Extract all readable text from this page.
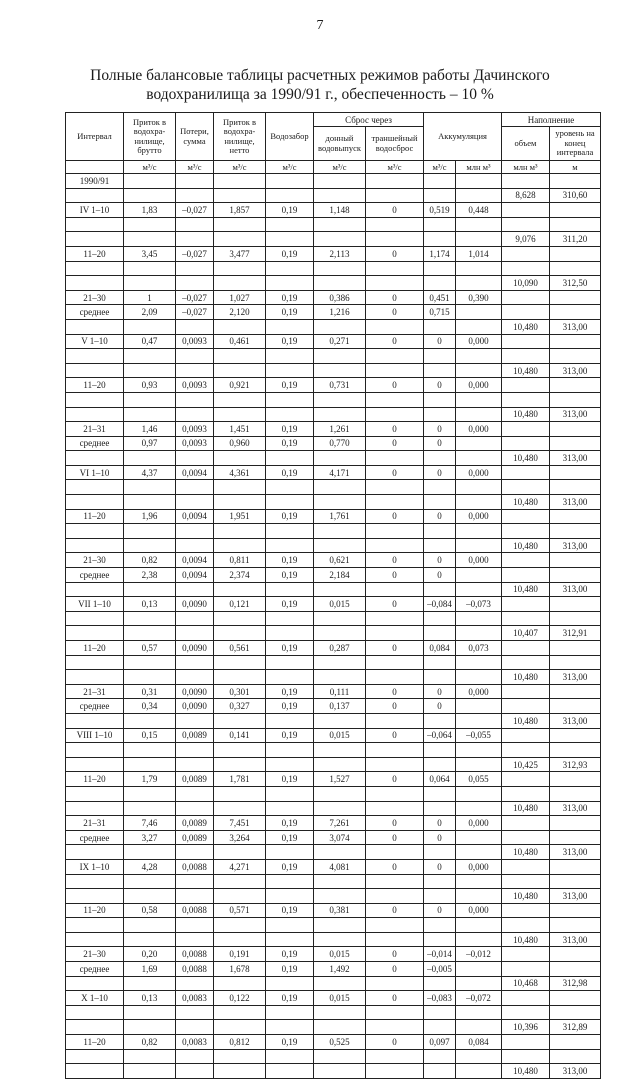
7
Полные балансовые таблицы расчетных режимов работы Дачинского
водохранилища за 1990/91 г., обеспеченность – 10 %
Интервал	Приток в водохра-нилище, брутто	Потери, сумма	Приток в водохра-нилище, нетто	Водозабор	Сброс через		Аккумуляция		Наполнение	
					донный водовыпуск	траншейный водосброс			объем	уровень на конец интервала
	м³/с	м³/с	м³/с	м³/с	м³/с	м³/с	м³/с	млн м³	млн м³	м
1990/91										
									8,628	310,60
IV 1–10	1,83	–0,027	1,857	0,19	1,148	0	0,519	0,448		

									9,076	311,20
11–20	3,45	–0,027	3,477	0,19	2,113	0	1,174	1,014		

									10,090	312,50
21–30	1	–0,027	1,027	0,19	0,386	0	0,451	0,390		
среднее	2,09	–0,027	2,120	0,19	1,216	0	0,715			
									10,480	313,00
V 1–10	0,47	0,0093	0,461	0,19	0,271	0	0	0,000		

									10,480	313,00
11–20	0,93	0,0093	0,921	0,19	0,731	0	0	0,000		

									10,480	313,00
21–31	1,46	0,0093	1,451	0,19	1,261	0	0	0,000		
среднее	0,97	0,0093	0,960	0,19	0,770	0	0			
									10,480	313,00
VI 1–10	4,37	0,0094	4,361	0,19	4,171	0	0	0,000		

									10,480	313,00
11–20	1,96	0,0094	1,951	0,19	1,761	0	0	0,000		

									10,480	313,00
21–30	0,82	0,0094	0,811	0,19	0,621	0	0	0,000		
среднее	2,38	0,0094	2,374	0,19	2,184	0	0			
									10,480	313,00
VII 1–10	0,13	0,0090	0,121	0,19	0,015	0	–0,084	–0,073		

									10,407	312,91
11–20	0,57	0,0090	0,561	0,19	0,287	0	0,084	0,073		

									10,480	313,00
21–31	0,31	0,0090	0,301	0,19	0,111	0	0	0,000		
среднее	0,34	0,0090	0,327	0,19	0,137	0	0			
									10,480	313,00
VIII 1–10	0,15	0,0089	0,141	0,19	0,015	0	–0,064	–0,055		

									10,425	312,93
11–20	1,79	0,0089	1,781	0,19	1,527	0	0,064	0,055		

									10,480	313,00
21–31	7,46	0,0089	7,451	0,19	7,261	0	0	0,000		
среднее	3,27	0,0089	3,264	0,19	3,074	0	0			
									10,480	313,00
IX 1–10	4,28	0,0088	4,271	0,19	4,081	0	0	0,000		

									10,480	313,00
11–20	0,58	0,0088	0,571	0,19	0,381	0	0	0,000		

									10,480	313,00
21–30	0,20	0,0088	0,191	0,19	0,015	0	–0,014	–0,012		
среднее	1,69	0,0088	1,678	0,19	1,492	0	–0,005			
									10,468	312,98
X 1–10	0,13	0,0083	0,122	0,19	0,015	0	–0,083	–0,072		

									10,396	312,89
11–20	0,82	0,0083	0,812	0,19	0,525	0	0,097	0,084		

									10,480	313,00
